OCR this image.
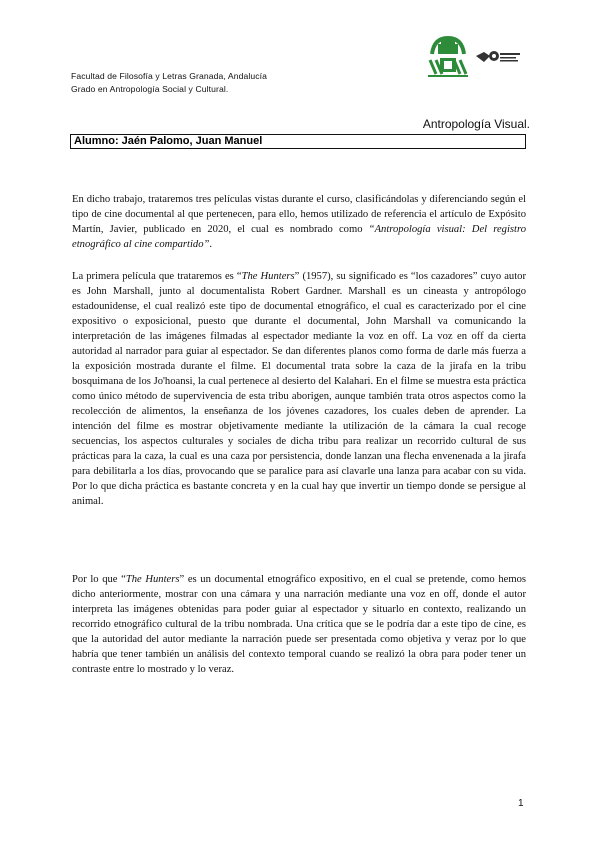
Facultad de Filosofía y Letras Granada, Andalucía
Grado en Antropología Social y Cultural.
Antropología Visual.
Alumno: Jaén Palomo, Juan Manuel

En dicho trabajo, trataremos tres películas vistas durante el curso, clasificándolas y diferenciando según el tipo de cine documental al que pertenecen, para ello, hemos utilizado de referencia el artículo de Expósito Martín, Javier, publicado en 2020, el cual es nombrado como “Antropología visual: Del registro etnográfico al cine compartido”.

La primera película que trataremos es “The Hunters” (1957), su significado es “los cazadores” cuyo autor es John Marshall, junto al documentalista Robert Gardner. Marshall es un cineasta y antropólogo estadounidense, el cual realizó este tipo de documental etnográfico, el cual es caracterizado por el cine expositivo o exposicional, puesto que durante el documental, John Marshall va comunicando la interpretación de las imágenes filmadas al espectador mediante la voz en off. La voz en off da cierta autoridad al narrador para guiar al espectador. Se dan diferentes planos como forma de darle más fuerza a la exposición mostrada durante el filme. El documental trata sobre la caza de la jirafa en la tribu bosquimana de los Jo'hoansi, la cual pertenece al desierto del Kalahari. En el filme se muestra esta práctica como único método de supervivencia de esta tribu aborigen, aunque también trata otros aspectos como la recolección de alimentos, la enseñanza de los jóvenes cazadores, los cuales deben de aprender. La intención del filme es mostrar objetivamente mediante la utilización de la cámara la cual recoge secuencias, los aspectos culturales y sociales de dicha tribu para realizar un recorrido cultural de sus prácticas para la caza, la cual es una caza por persistencia, donde lanzan una flecha envenenada a la jirafa para debilitarla a los días, provocando que se paralice para así clavarle una lanza para acabar con su vida. Por lo que dicha práctica es bastante concreta y en la cual hay que invertir un tiempo donde se persigue al animal.

Por lo que “The Hunters” es un documental etnográfico expositivo, en el cual se pretende, como hemos dicho anteriormente, mostrar con una cámara y una narración mediante una voz en off, donde el autor interpreta las imágenes obtenidas para poder guiar al espectador y situarlo en contexto, realizando un recorrido etnográfico cultural de la tribu nombrada. Una crítica que se le podría dar a este tipo de cine, es que la autoridad del autor mediante la narración puede ser presentada como objetiva y veraz por lo que habría que tener también un análisis del contexto temporal cuando se realizó la obra para poder tener un contraste entre lo mostrado y lo veraz.

1
